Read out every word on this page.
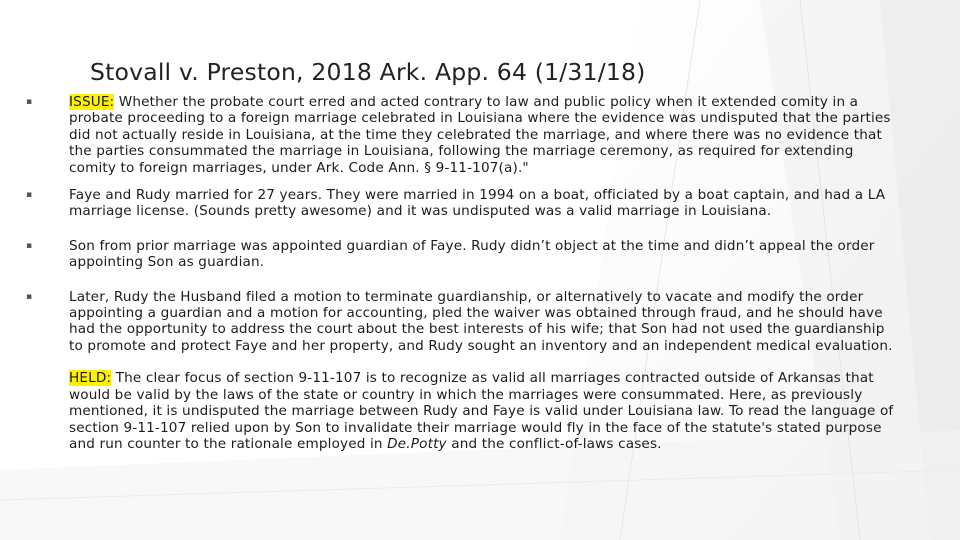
Stovall v. Preston, 2018 Ark. App. 64 (1/31/18)
▪	ISSUE: Whether the probate court erred and acted contrary to law and public policy when it extended comity in a probate proceeding to a foreign marriage celebrated in Louisiana where the evidence was undisputed that the parties did not actually reside in Louisiana, at the time they celebrated the marriage, and where there was no evidence that the parties consummated the marriage in Louisiana, following the marriage ceremony, as required for extending comity to foreign marriages, under Ark. Code Ann. § 9-11-107(a)."
▪	Faye and Rudy married for 27 years. They were married in 1994 on a boat, officiated by a boat captain, and had a LA marriage license. (Sounds pretty awesome) and it was undisputed was a valid marriage in Louisiana.
▪	Son from prior marriage was appointed guardian of Faye. Rudy didn’t object at the time and didn’t appeal the order appointing Son as guardian.
▪	Later, Rudy the Husband filed a motion to terminate guardianship, or alternatively to vacate and modify the order appointing a guardian and a motion for accounting, pled the waiver was obtained through fraud, and he should have had the opportunity to address the court about the best interests of his wife; that Son had not used the guardianship to promote and protect Faye and her property, and Rudy sought an inventory and an independent medical evaluation.
HELD: The clear focus of section 9-11-107 is to recognize as valid all marriages contracted outside of Arkansas that would be valid by the laws of the state or country in which the marriages were consummated. Here, as previously mentioned, it is undisputed the marriage between Rudy and Faye is valid under Louisiana law. To read the language of section 9-11-107 relied upon by Son to invalidate their marriage would fly in the face of the statute's stated purpose and run counter to the rationale employed in De.Potty and the conflict-of-laws cases.
